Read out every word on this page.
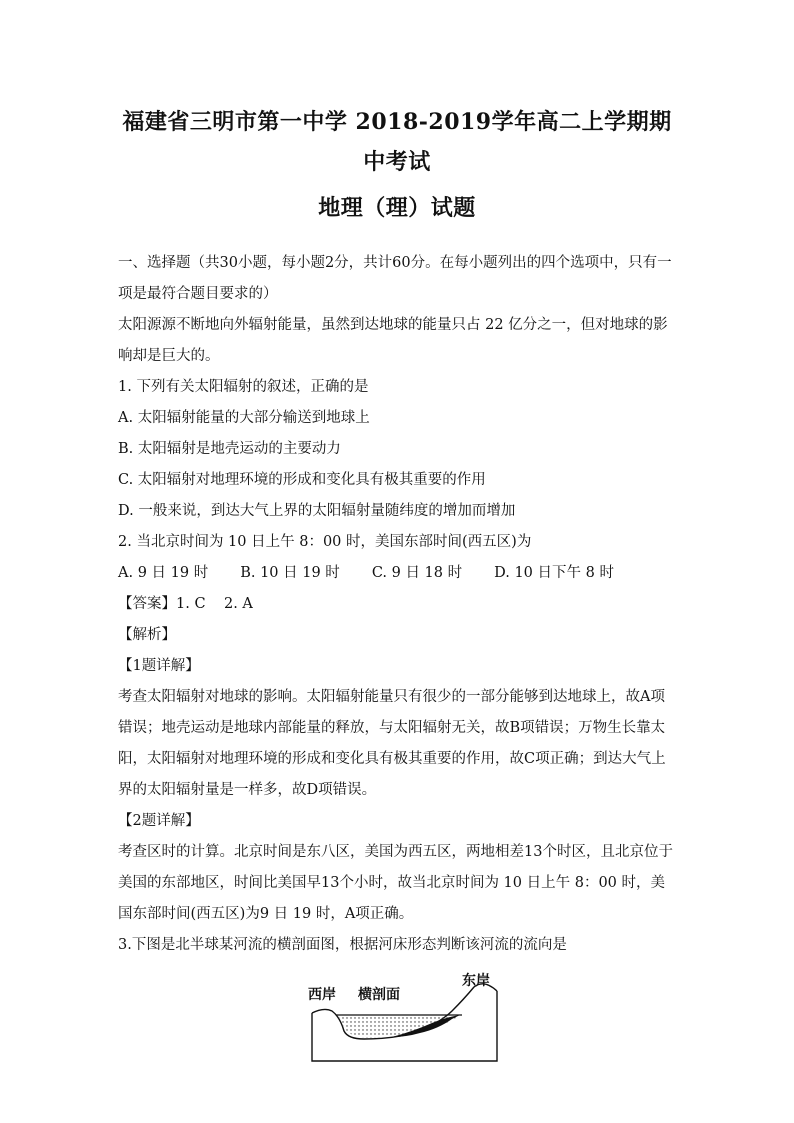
福建省三明市第一中学 2018-2019学年高二上学期期中考试
地理（理）试题

一、选择题（共30小题，每小题2分，共计60分。在每小题列出的四个选项中，只有一项是最符合题目要求的）

太阳源源不断地向外辐射能量，虽然到达地球的能量只占 22 亿分之一，但对地球的影响却是巨大的。

1. 下列有关太阳辐射的叙述，正确的是

A. 太阳辐射能量的大部分输送到地球上

B. 太阳辐射是地壳运动的主要动力

C. 太阳辐射对地理环境的形成和变化具有极其重要的作用

D. 一般来说，到达大气上界的太阳辐射量随纬度的增加而增加

2. 当北京时间为 10 日上午 8：00 时，美国东部时间(西五区)为

A. 9 日 19 时 B. 10 日 19 时 C. 9 日 18 时 D. 10 日下午 8 时

【答案】1. C    2. A

【解析】

【1题详解】

考查太阳辐射对地球的影响。太阳辐射能量只有很少的一部分能够到达地球上，故A项错误；地壳运动是地球内部能量的释放，与太阳辐射无关，故B项错误；万物生长靠太阳，太阳辐射对地理环境的形成和变化具有极其重要的作用，故C项正确；到达大气上界的太阳辐射量是一样多，故D项错误。

【2题详解】

考查区时的计算。北京时间是东八区，美国为西五区，两地相差13个时区，且北京位于美国的东部地区，时间比美国早13个小时，故当北京时间为 10 日上午 8：00 时，美国东部时间(西五区)为9 日 19 时，A项正确。

3.下图是北半球某河流的横剖面图，根据河床形态判断该河流的流向是

西岸 横剖面
东岸
